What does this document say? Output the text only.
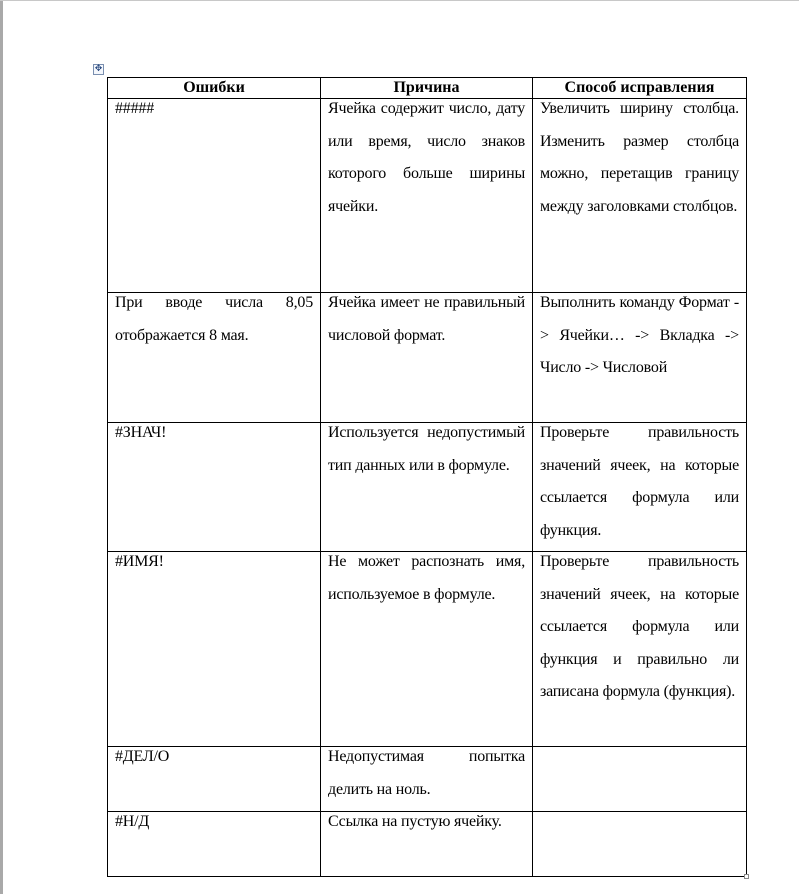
✥
Ошибки	Причина	Способ исправления

#####	Ячейка содержит число, дату или время, число знаков которого больше ширины ячейки.	Увеличить ширину столбца. Изменить размер столбца можно, перетащив границу между заголовками столбцов.

При вводе числа 8,05 отображается 8 мая.	Ячейка имеет не правильный числовой формат.	Выполнить команду Формат -> Ячейки… -> Вкладка -> Число -> Числовой

#ЗНАЧ!	Используется недопустимый тип данных или в формуле.	Проверьте правильность значений ячеек, на которые ссылается формула или функция.

#ИМЯ!	Не может распознать имя, используемое в формуле.	Проверьте правильность значений ячеек, на которые ссылается формула или функция и правильно ли записана формула (функция).

#ДЕЛ/О	Недопустимая попытка делить на ноль.	

#Н/Д	Ссылка на пустую ячейку.	
